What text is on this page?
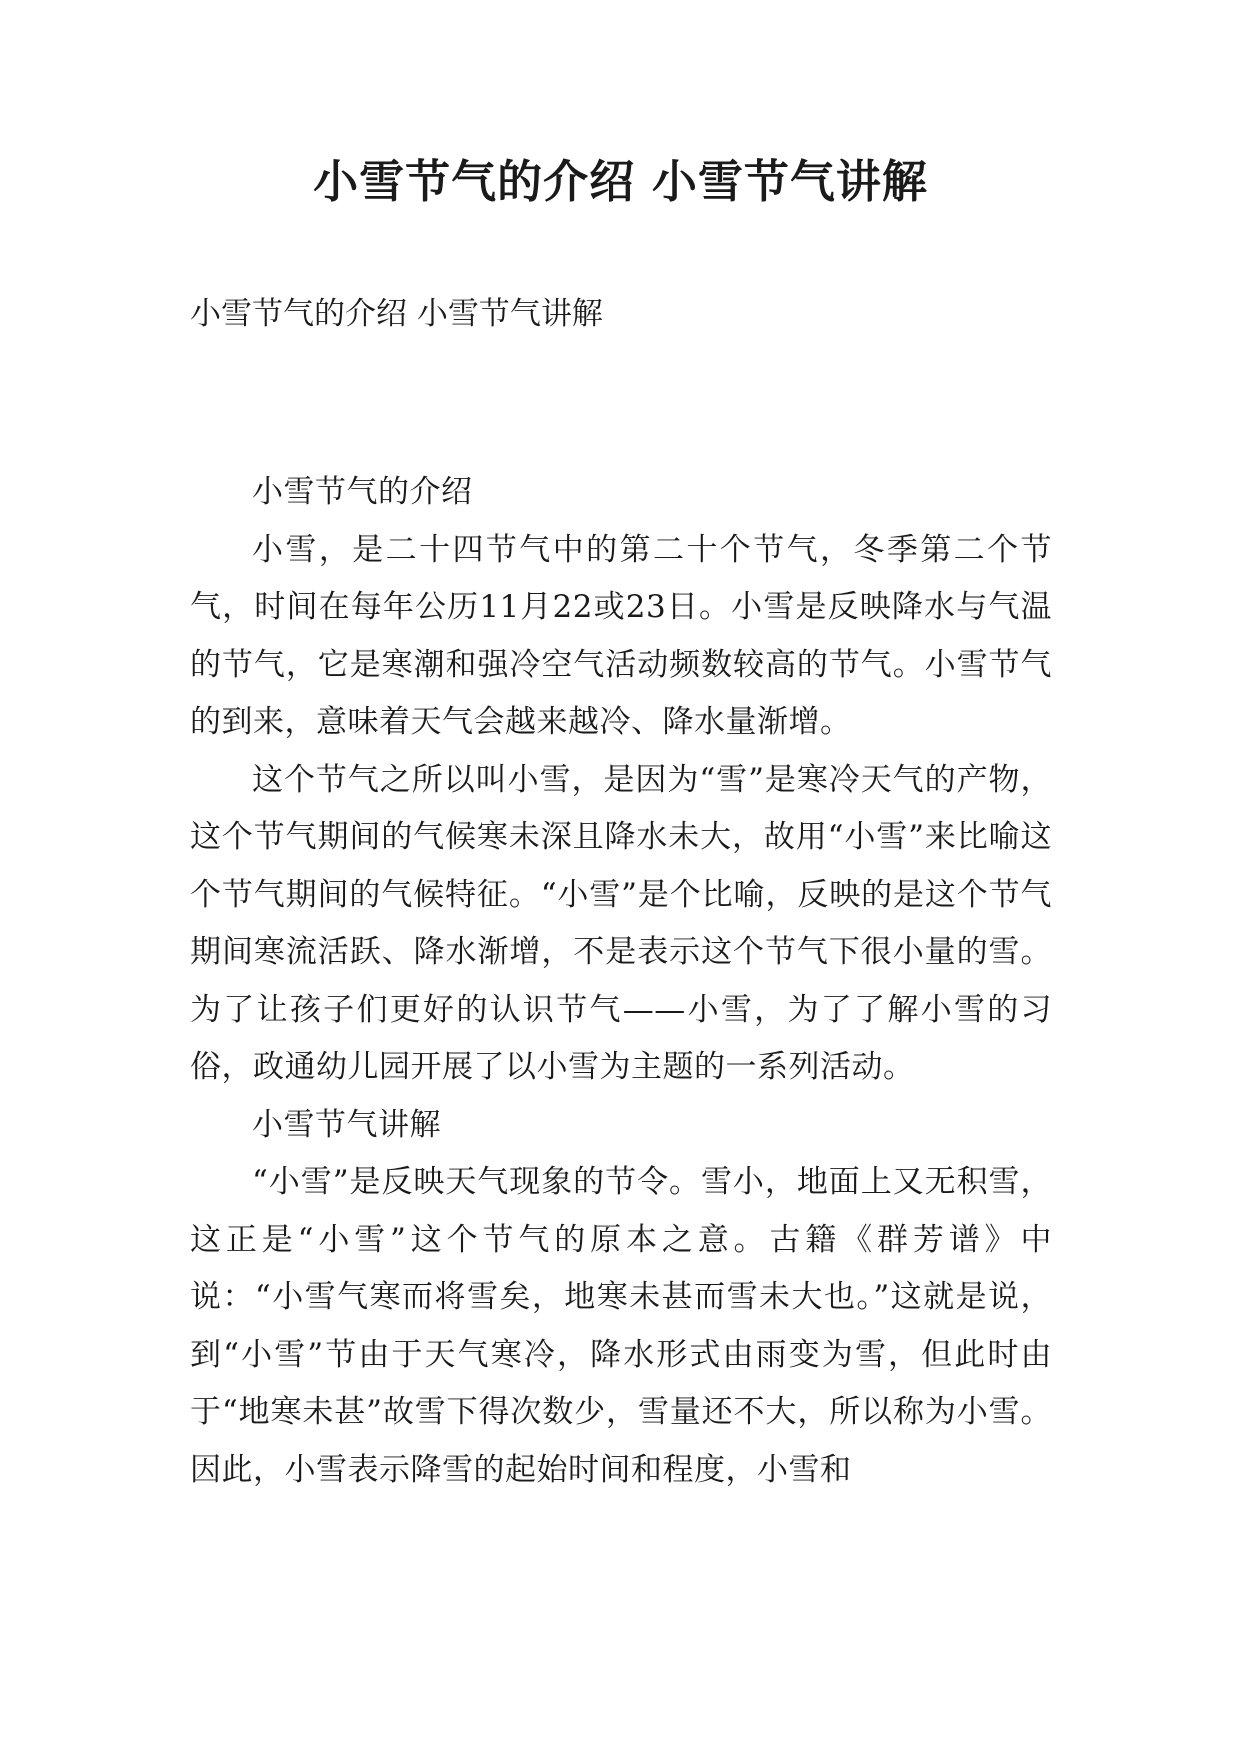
小雪节气的介绍 小雪节气讲解
小雪节气的介绍 小雪节气讲解

小雪节气的介绍

小雪，是二十四节气中的第二十个节气，冬季第二个节气，时间在每年公历11月22或23日。小雪是反映降水与气温的节气，它是寒潮和强冷空气活动频数较高的节气。小雪节气的到来，意味着天气会越来越冷、降水量渐增。

这个节气之所以叫小雪，是因为“雪”是寒冷天气的产物，这个节气期间的气候寒未深且降水未大，故用“小雪”来比喻这个节气期间的气候特征。“小雪”是个比喻，反映的是这个节气期间寒流活跃、降水渐增，不是表示这个节气下很小量的雪。为了让孩子们更好的认识节气——小雪，为了了解小雪的习俗，政通幼儿园开展了以小雪为主题的一系列活动。

小雪节气讲解

“小雪”是反映天气现象的节令。雪小，地面上又无积雪，这正是“小雪”这个节气的原本之意。古籍《群芳谱》中说：“小雪气寒而将雪矣，地寒未甚而雪未大也。”这就是说，到“小雪”节由于天气寒冷，降水形式由雨变为雪，但此时由于“地寒未甚”故雪下得次数少，雪量还不大，所以称为小雪。因此，小雪表示降雪的起始时间和程度，小雪和
